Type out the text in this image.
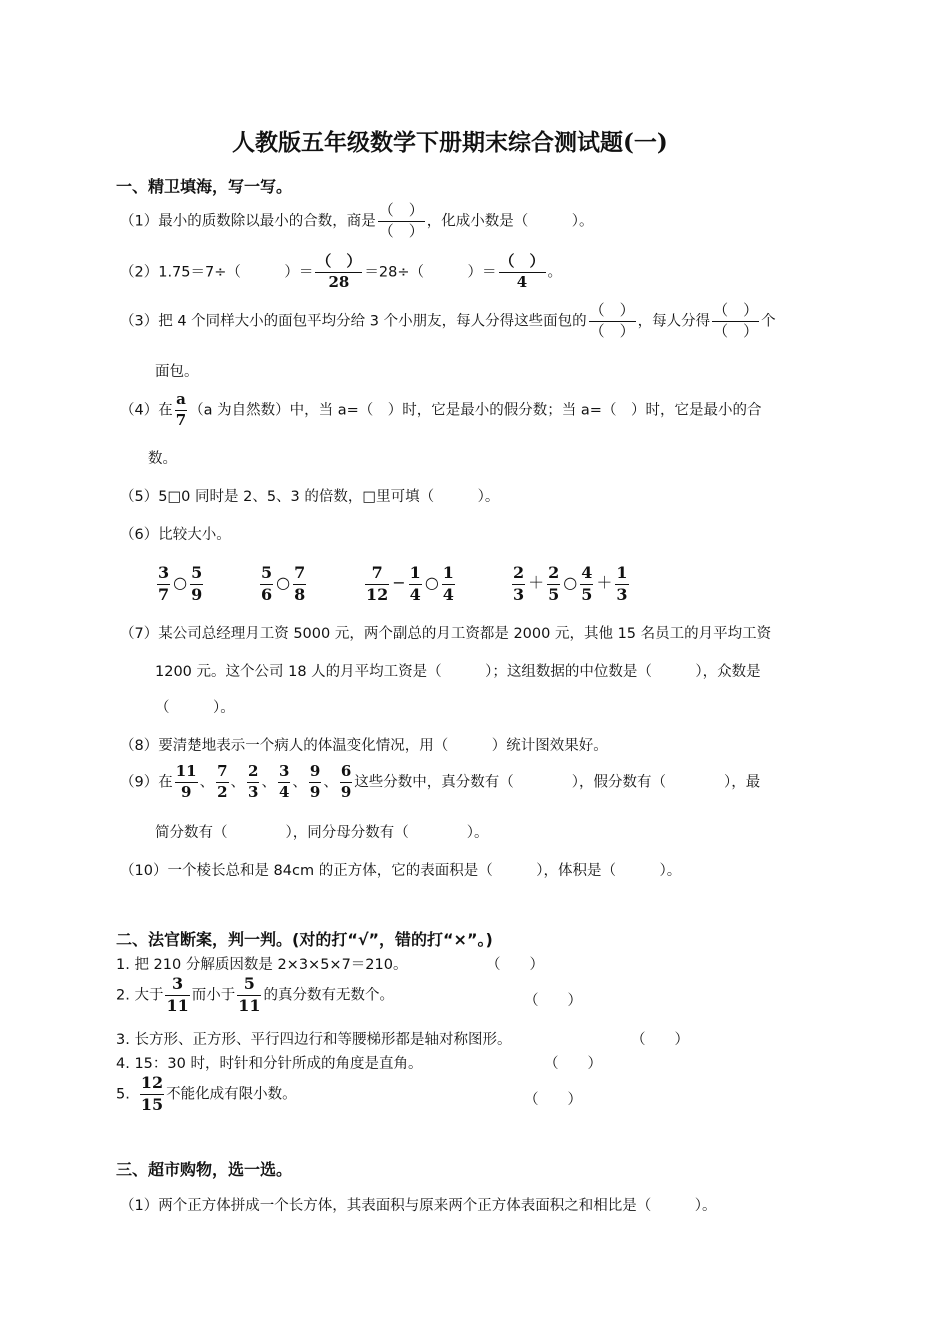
人教版五年级数学下册期末综合测试题(一)
一、精卫填海，写一写。
（1）最小的质数除以最小的合数，商是 $\frac{( )}{( )}$ ，化成小数是（　　　）。
（2）1.75＝7÷（　　　）＝ $\frac{( )}{28} =28\div$（　　　）＝ $\frac{( )}{4}$ 。
（3）把 4 个同样大小的面包平均分给 3 个小朋友，每人分得这些面包的 $\frac{( )}{( )}$ ，每人分得 $\frac{( )}{( )}$ 个
面包。
（4）在 $\frac{a}{7} (a$ 为自然数）中，当 a=（　）时，它是最小的假分数；当 a=（　）时，它是最小的合
数。
（5）5□0 同时是 2、5、3 的倍数，□里可填（　　　）。
（6）比较大小。
$\frac{3}{7}$ ○ $\frac{5}{9}$	$\frac{5}{6}$ ○ $\frac{7}{8}$	$\frac{7}{12} - \frac{1}{4}$ ○ $\frac{1}{4}$	$\frac{2}{3} + \frac{2}{5}$ ○ $\frac{4}{5} + \frac{1}{3}$
（7）某公司总经理月工资 5000 元，两个副总的月工资都是 2000 元，其他 15 名员工的月平均工资
1200 元。这个公司 18 人的月平均工资是（　　　）；这组数据的中位数是（　　　），众数是
（　　　）。
（8）要清楚地表示一个病人的体温变化情况，用（　　　）统计图效果好。
（9）在 $\frac{11}{9}$ 、 $\frac{7}{2}$ 、 $\frac{2}{3}$ 、 $\frac{3}{4}$ 、 $\frac{9}{9}$ 、 $\frac{6}{9}$ 这些分数中，真分数有（　　　　），假分数有（　　　　），最
简分数有（　　　　），同分母分数有（　　　　）。
（10）一个棱长总和是 84cm 的正方体，它的表面积是（　　　），体积是（　　　）。
二、法官断案，判一判。(对的打“√”，错的打“×”。)
1. 把 210 分解质因数是 2×3×5×7＝210。	（　　）
2. 大于 $\frac{3}{11}$ 而小于 $\frac{5}{11}$ 的真分数有无数个。	（　　）
3. 长方形、正方形、平行四边行和等腰梯形都是轴对称图形。	（　　）
4. 15：30 时，时针和分针所成的角度是直角。	（　　）
5. $\frac{12}{15}$ 不能化成有限小数。	（　　）
三、超市购物，选一选。
（1）两个正方体拼成一个长方体，其表面积与原来两个正方体表面积之和相比是（　　　）。
